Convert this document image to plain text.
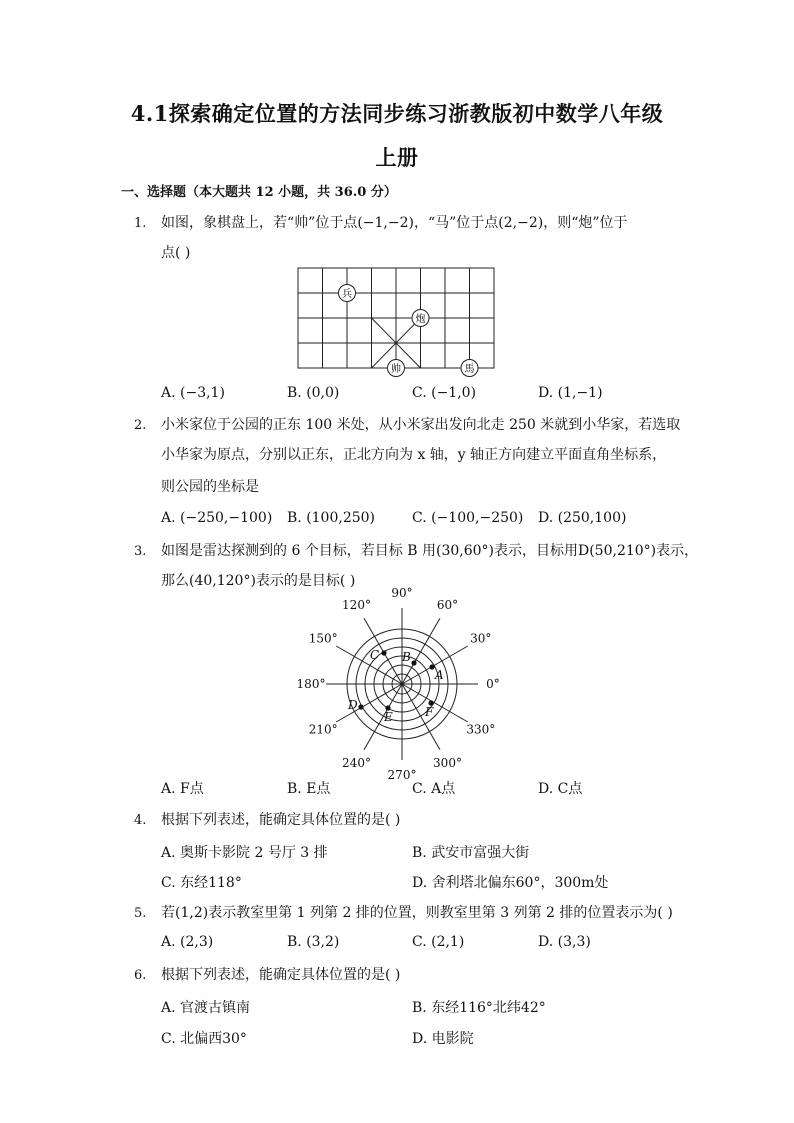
4.1探索确定位置的方法同步练习浙教版初中数学八年级
上册
一、选择题（本大题共 12 小题，共 36.0 分）
1. 如图，象棋盘上，若“帅”位于点(−1,−2)，“马”位于点(2,−2)，则“炮”位于
点( )
兵
炮
帅	馬
A. (−3,1)	B. (0,0)	C. (−1,0)	D. (1,−1)
2. 小米家位于公园的正东 100 米处，从小米家出发向北走 250 米就到小华家，若选取
小华家为原点，分别以正东，正北方向为 x 轴，y 轴正方向建立平面直角坐标系，
则公园的坐标是
A. (−250,−100) B. (100,250)	C. (−100,−250) D. (250,100)
3. 如图是雷达探测到的 6 个目标，若目标 B 用(30,60°)表示，目标用D(50,210°)表示，
那么(40,120°)表示的是目标( )
0°
30°
60°
90°
120°
150°
180°
210°
240°
270°
300°
330°
A
B
C
D
E	F
A. F点	B. E点	C. A点	D. C点
4. 根据下列表述，能确定具体位置的是( )
A. 奥斯卡影院 2 号厅 3 排	B. 武安市富强大街
C. 东经118°	D. 舍利塔北偏东60°，300m处
5. 若(1,2)表示教室里第 1 列第 2 排的位置，则教室里第 3 列第 2 排的位置表示为( )
A. (2,3)	B. (3,2)	C. (2,1)	D. (3,3)
6. 根据下列表述，能确定具体位置的是( )
A. 官渡古镇南	B. 东经116°北纬42°
C. 北偏西30°	D. 电影院
